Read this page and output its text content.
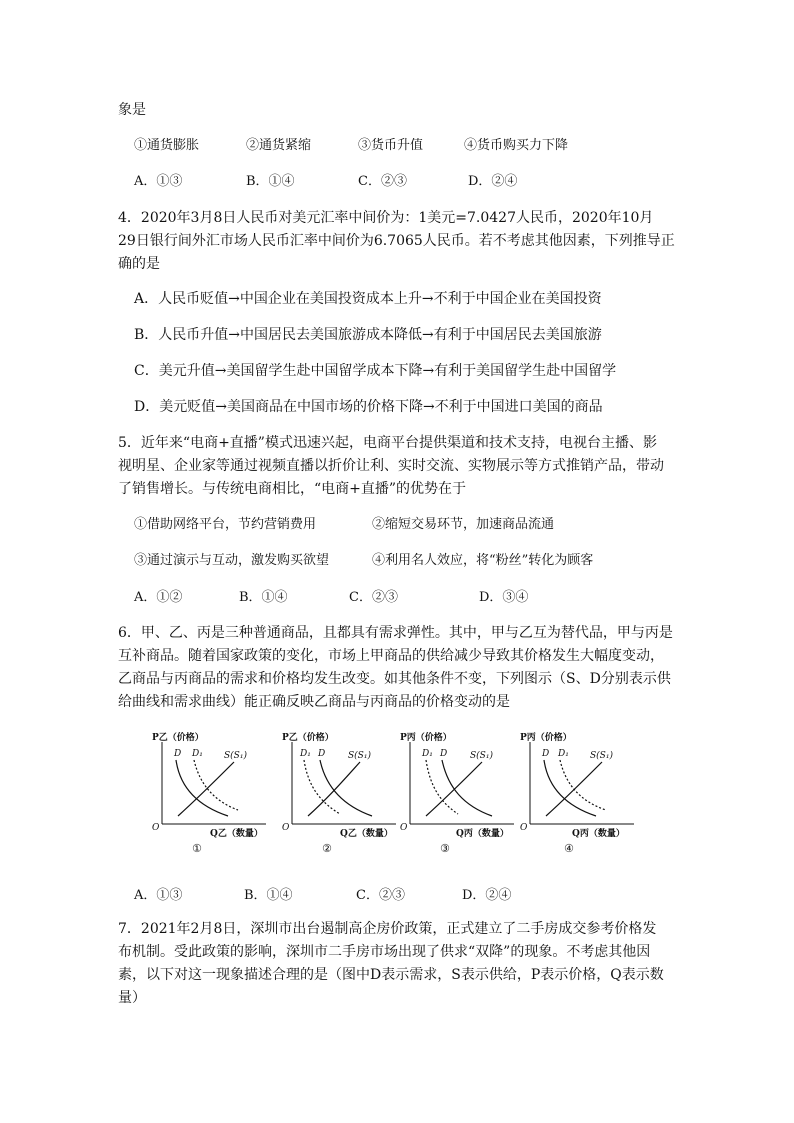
象是
①通货膨胀	②通货紧缩	③货币升值	④货币购买力下降
A．①③	B．①④	C．②③	D．②④
4．2020年3月8日人民币对美元汇率中间价为：1美元=7.0427人民币，2020年10月
29日银行间外汇市场人民币汇率中间价为6.7065人民币。若不考虑其他因素，下列推导正
确的是
A．人民币贬值→中国企业在美国投资成本上升→不利于中国企业在美国投资
B．人民币升值→中国居民去美国旅游成本降低→有利于中国居民去美国旅游
C．美元升值→美国留学生赴中国留学成本下降→有利于美国留学生赴中国留学
D．美元贬值→美国商品在中国市场的价格下降→不利于中国进口美国的商品
5．近年来“电商+直播”模式迅速兴起，电商平台提供渠道和技术支持，电视台主播、影
视明星、企业家等通过视频直播以折价让利、实时交流、实物展示等方式推销产品，带动
了销售增长。与传统电商相比，“电商+直播”的优势在于
①借助网络平台，节约营销费用	②缩短交易环节，加速商品流通
③通过演示与互动，激发购买欲望	④利用名人效应，将“粉丝”转化为顾客
A．①②	B．①④	C．②③	D．③④
6．甲、乙、丙是三种普通商品，且都具有需求弹性。其中，甲与乙互为替代品，甲与丙是
互补商品。随着国家政策的变化，市场上甲商品的供给减少导致其价格发生大幅度变动，
乙商品与丙商品的需求和价格均发生改变。如其他条件不变，下列图示（S、D分别表示供
给曲线和需求曲线）能正确反映乙商品与丙商品的价格变动的是
P乙（价格）
Q乙（数量）
O
D D₁ S(S₁)
①
P乙（价格）
Q乙（数量）
O
D₁ D	S(S₁)
②
P丙（价格）
Q丙（数量）
O
D₁ D	S(S₁)
③
P丙（价格）
Q丙（数量）
O
D D₁ S(S₁)
④
A．①③	B．①④	C．②③	D．②④
7．2021年2月8日，深圳市出台遏制高企房价政策，正式建立了二手房成交参考价格发
布机制。受此政策的影响，深圳市二手房市场出现了供求“双降”的现象。不考虑其他因
素，以下对这一现象描述合理的是（图中D表示需求，S表示供给，P表示价格，Q表示数
量）
